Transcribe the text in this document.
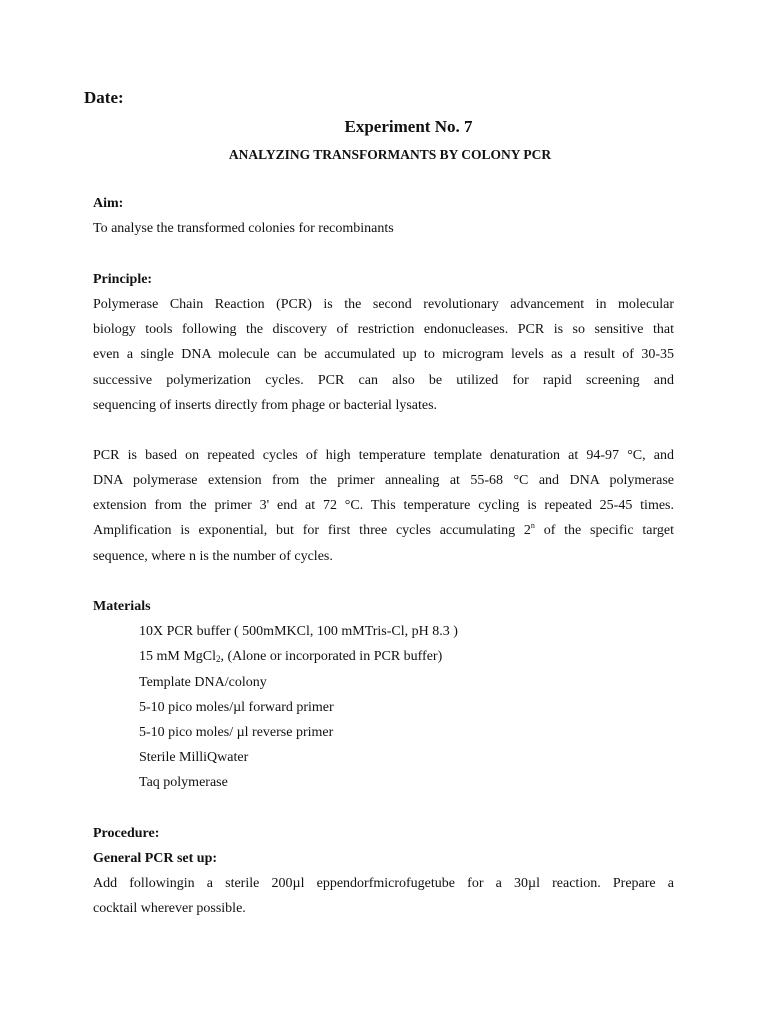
Date:
Experiment No. 7
ANALYZING TRANSFORMANTS BY COLONY PCR
Aim:
To analyse the transformed colonies for recombinants
Principle:
Polymerase Chain Reaction (PCR) is the second revolutionary advancement in molecular
biology tools following the discovery of restriction endonucleases. PCR is so sensitive that
even a single DNA molecule can be accumulated up to microgram levels as a result of 30-35
successive polymerization cycles. PCR can also be utilized for rapid screening and
sequencing of inserts directly from phage or bacterial lysates.
PCR is based on repeated cycles of high temperature template denaturation at 94-97 °C, and
DNA polymerase extension from the primer annealing at 55-68 °C and DNA polymerase
extension from the primer 3' end at 72 °C. This temperature cycling is repeated 25-45 times.
Amplification is exponential, but for first three cycles accumulating 2$^n$ of the specific target
sequence, where n is the number of cycles.
Materials
10X PCR buffer ( 500mMKCl, 100 mMTris-Cl, pH 8.3 )
15 mM MgCl$_2$, (Alone or incorporated in PCR buffer)
Template DNA/colony
5-10 pico moles/µl forward primer
5-10 pico moles/ µl reverse primer
Sterile MilliQwater
Taq polymerase
Procedure:
General PCR set up:
Add followingin a sterile 200µl eppendorfmicrofugetube for a 30µl reaction. Prepare a
cocktail wherever possible.
